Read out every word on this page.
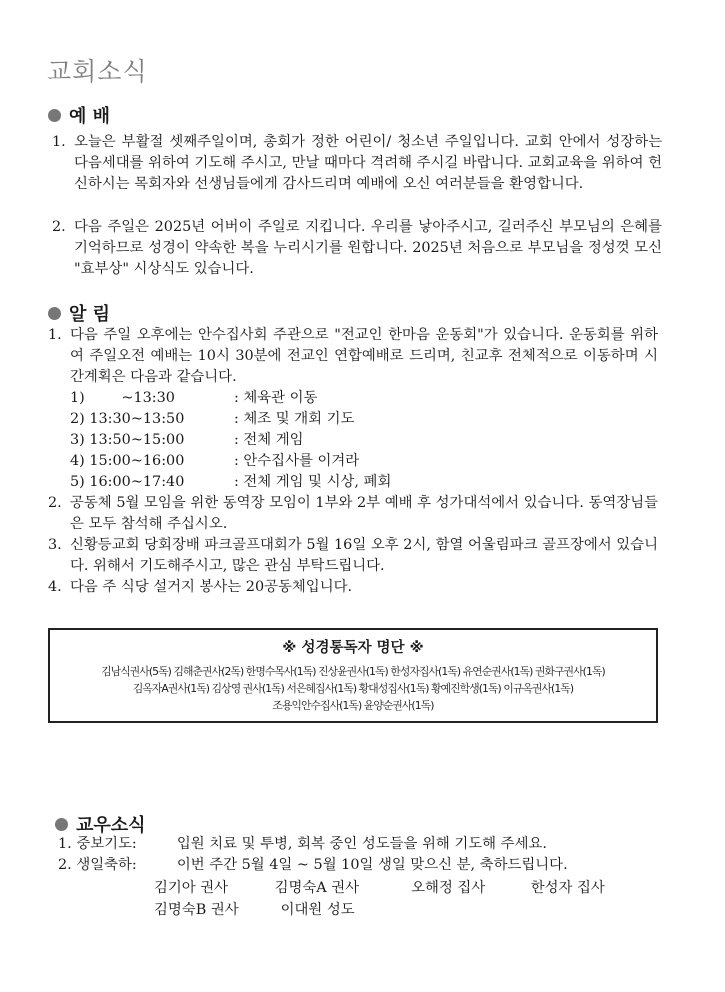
교회소식
예 배
1. 오늘은 부활절 셋째주일이며, 총회가 정한 어린이/ 청소년 주일입니다. 교회 안에서 성장하는 다음세대를 위하여 기도해 주시고, 만날 때마다 격려해 주시길 바랍니다. 교회교육을 위하여 헌신하시는 목회자와 선생님들에게 감사드리며 예배에 오신 여러분들을 환영합니다.
2. 다음 주일은 2025년 어버이 주일로 지킵니다. 우리를 낳아주시고, 길러주신 부모님의 은혜를 기억하므로 성경이 약속한 복을 누리시기를 원합니다. 2025년 처음으로 부모님을 정성껏 모신 "효부상" 시상식도 있습니다.
알 림
1. 다음 주일 오후에는 안수집사회 주관으로 "전교인 한마음 운동회"가 있습니다. 운동회를 위하여 주일오전 예배는 10시 30분에 전교인 연합예배로 드리며, 친교후 전체적으로 이동하며 시간계획은 다음과 같습니다.
1)        ~13:30	: 체육관 이동
2) 13:30~13:50	: 체조 및 개회 기도
3) 13:50~15:00	: 전체 게임
4) 15:00~16:00	: 안수집사를 이겨라
5) 16:00~17:40	: 전체 게임 및 시상, 폐회
2. 공동체 5월 모임을 위한 동역장 모임이 1부와 2부 예배 후 성가대석에서 있습니다. 동역장님들은 모두 참석해 주십시오.
3. 신황등교회 당회장배 파크골프대회가 5월 16일 오후 2시, 함열 어울림파크 골프장에서 있습니다. 위해서 기도해주시고, 많은 관심 부탁드립니다.
4. 다음 주 식당 설거지 봉사는 20공동체입니다.
※ 성경통독자 명단 ※
김남식권사(5독) 김해춘권사(2독) 한명수목사(1독) 진상윤권사(1독) 한성자집사(1독) 유연순권사(1독) 권화구권사(1독)
김옥자A권사(1독) 김상영 권사(1독) 서은혜집사(1독) 황대성집사(1독) 황예진학생(1독) 이규옥권사(1독)
조용익안수집사(1독) 윤양순권사(1독)
교우소식
1. 중보기도:	입원 치료 및 투병, 회복 중인 성도들을 위해 기도해 주세요.
2. 생일축하:	이번 주간 5월 4일 ~ 5월 10일 생일 맞으신 분, 축하드립니다.
김기아 권사	김명숙A 권사	오해정 집사	한성자 집사
김명숙B 권사	이대원 성도
